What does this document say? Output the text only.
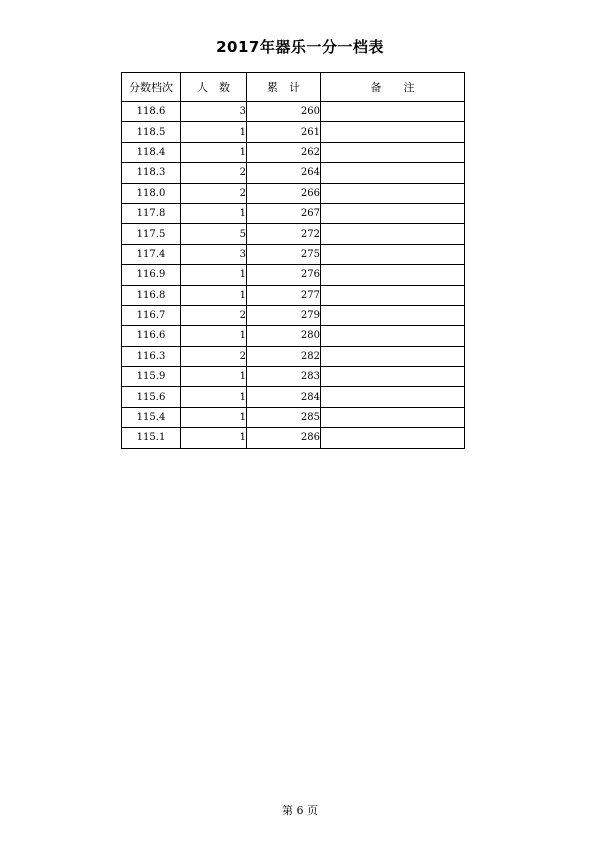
2017年器乐一分一档表
分数档次	人　数	累　计	备　　注
118.6	3	260	
118.5	1	261	
118.4	1	262	
118.3	2	264	
118.0	2	266	
117.8	1	267	
117.5	5	272	
117.4	3	275	
116.9	1	276	
116.8	1	277	
116.7	2	279	
116.6	1	280	
116.3	2	282	
115.9	1	283	
115.6	1	284	
115.4	1	285	
115.1	1	286	
第 6 页
